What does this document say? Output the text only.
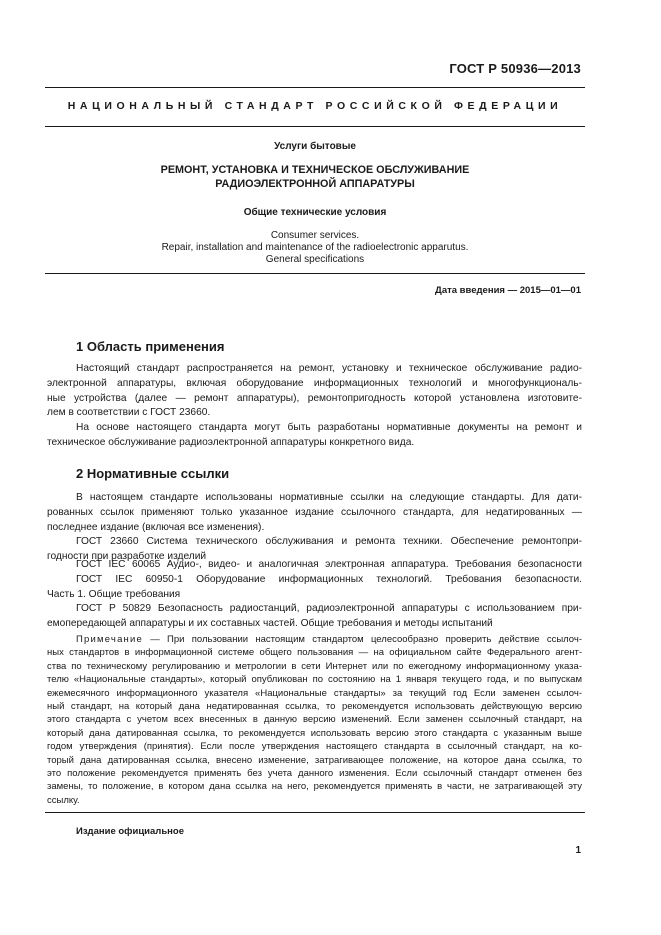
ГОСТ Р 50936—2013
НАЦИОНАЛЬНЫЙ СТАНДАРТ РОССИЙСКОЙ ФЕДЕРАЦИИ
Услуги бытовые
РЕМОНТ, УСТАНОВКА И ТЕХНИЧЕСКОЕ ОБСЛУЖИВАНИЕ
РАДИОЭЛЕКТРОННОЙ АППАРАТУРЫ
Общие технические условия
Consumer services.
Repair, installation and maintenance of the radioelectronic apparutus.
General specifications
Дата введения — 2015—01—01
1 Область применения
Настоящий стандарт распространяется на ремонт, установку и техническое обслуживание радио-
электронной аппаратуры, включая оборудование информационных технологий и многофункциональ-
ные устройства (далее — ремонт аппаратуры), ремонтопригодность которой установлена изготовите-
лем в соответствии с ГОСТ 23660.
На основе настоящего стандарта могут быть разработаны нормативные документы на ремонт и
техническое обслуживание радиоэлектронной аппаратуры конкретного вида.
2 Нормативные ссылки
В настоящем стандарте использованы нормативные ссылки на следующие стандарты. Для дати-
рованных ссылок применяют только указанное издание ссылочного стандарта, для недатированных —
последнее издание (включая все изменения).
ГОСТ 23660 Система технического обслуживания и ремонта техники. Обеспечение ремонтопри-
годности при разработке изделий
ГОСТ IEC 60065 Аудио-, видео- и аналогичная электронная аппаратура. Требования безопасности
ГОСТ IEC 60950-1 Оборудование информационных технологий. Требования безопасности.
Часть 1. Общие требования
ГОСТ Р 50829 Безопасность радиостанций, радиоэлектронной аппаратуры с использованием при-
емопередающей аппаратуры и их составных частей. Общие требования и методы испытаний
Примечание — При пользовании настоящим стандартом целесообразно проверить действие ссылоч-
ных стандартов в информационной системе общего пользования — на официальном сайте Федерального агент-
ства по техническому регулированию и метрологии в сети Интернет или по ежегодному информационному указа-
телю «Национальные стандарты», который опубликован по состоянию на 1 января текущего года, и по выпускам
ежемесячного информационного указателя «Национальные стандарты» за текущий год Если заменен ссылоч-
ный стандарт, на который дана недатированная ссылка, то рекомендуется использовать действующую версию
этого стандарта с учетом всех внесенных в данную версию изменений. Если заменен ссылочный стандарт, на
который дана датированная ссылка, то рекомендуется использовать версию этого стандарта с указанным выше
годом утверждения (принятия). Если после утверждения настоящего стандарта в ссылочный стандарт, на ко-
торый дана датированная ссылка, внесено изменение, затрагивающее положение, на которое дана ссылка, то
это положение рекомендуется применять без учета данного изменения. Если ссылочный стандарт отменен без
замены, то положение, в котором дана ссылка на него, рекомендуется применять в части, не затрагивающей эту
ссылку.
Издание официальное
1
